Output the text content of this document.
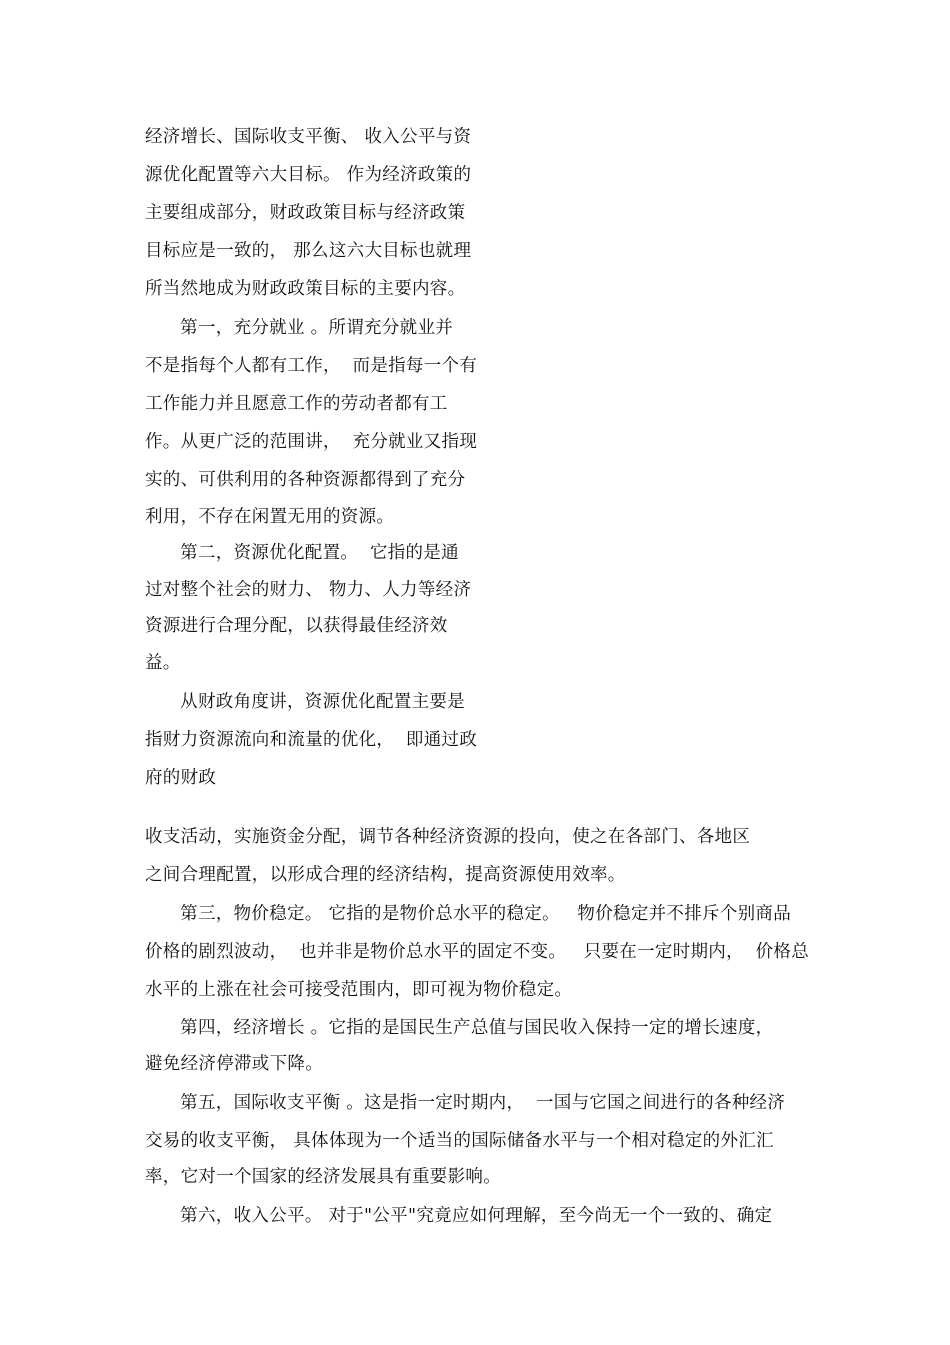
经济增长、国际收支平衡、 收入公平与资
源优化配置等六大目标。 作为经济政策的
主要组成部分，财政政策目标与经济政策
目标应是一致的， 那么这六大目标也就理
所当然地成为财政政策目标的主要内容。
第一，充分就业 。所谓充分就业并
不是指每个人都有工作，  而是指每一个有
工作能力并且愿意工作的劳动者都有工
作。从更广泛的范围讲，  充分就业又指现
实的、可供利用的各种资源都得到了充分
利用，不存在闲置无用的资源。
第二，资源优化配置。  它指的是通
过对整个社会的财力、 物力、人力等经济
资源进行合理分配，以获得最佳经济效
益。
从财政角度讲，资源优化配置主要是
指财力资源流向和流量的优化，  即通过政
府的财政
收支活动，实施资金分配，调节各种经济资源的投向，使之在各部门、各地区
之间合理配置，以形成合理的经济结构，提高资源使用效率。
第三，物价稳定。 它指的是物价总水平的稳定。   物价稳定并不排斥个别商品
价格的剧烈波动，  也并非是物价总水平的固定不变。   只要在一定时期内，  价格总
水平的上涨在社会可接受范围内，即可视为物价稳定。
第四，经济增长 。它指的是国民生产总值与国民收入保持一定的增长速度，
避免经济停滞或下降。
第五，国际收支平衡 。这是指一定时期内，  一国与它国之间进行的各种经济
交易的收支平衡， 具体体现为一个适当的国际储备水平与一个相对稳定的外汇汇
率，它对一个国家的经济发展具有重要影响。
第六，收入公平。 对于"公平"究竟应如何理解，至今尚无一个一致的、确定
